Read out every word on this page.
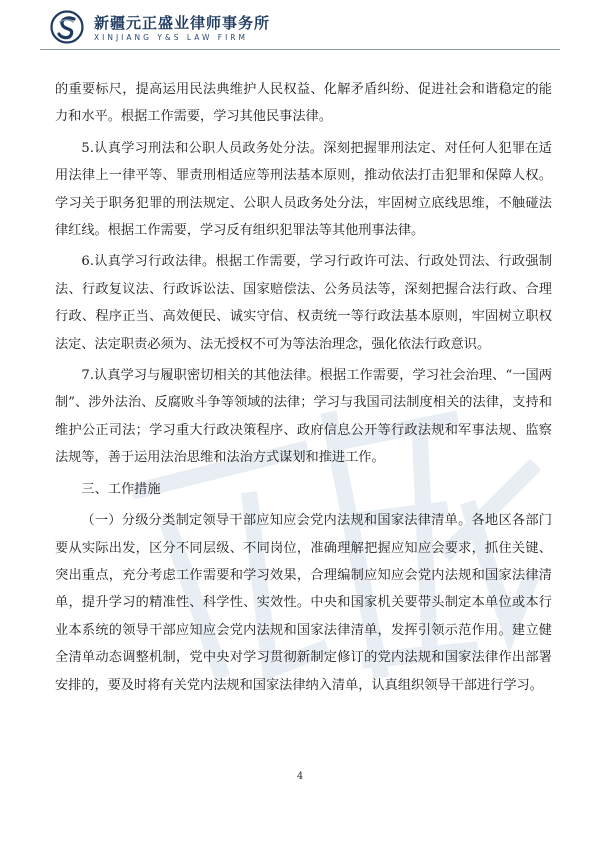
新疆元正盛业律师事务所
XINJIANG Y&S LAW FIRM

的重要标尺，提高运用民法典维护人民权益、化解矛盾纠纷、促进社会和谐稳定的能力和水平。根据工作需要，学习其他民事法律。

5.认真学习刑法和公职人员政务处分法。深刻把握罪刑法定、对任何人犯罪在适用法律上一律平等、罪责刑相适应等刑法基本原则，推动依法打击犯罪和保障人权。学习关于职务犯罪的刑法规定、公职人员政务处分法，牢固树立底线思维，不触碰法律红线。根据工作需要，学习反有组织犯罪法等其他刑事法律。

6.认真学习行政法律。根据工作需要，学习行政许可法、行政处罚法、行政强制法、行政复议法、行政诉讼法、国家赔偿法、公务员法等，深刻把握合法行政、合理行政、程序正当、高效便民、诚实守信、权责统一等行政法基本原则，牢固树立职权法定、法定职责必须为、法无授权不可为等法治理念，强化依法行政意识。

7.认真学习与履职密切相关的其他法律。根据工作需要，学习社会治理、“一国两制”、涉外法治、反腐败斗争等领域的法律；学习与我国司法制度相关的法律，支持和维护公正司法；学习重大行政决策程序、政府信息公开等行政法规和军事法规、监察法规等，善于运用法治思维和法治方式谋划和推进工作。

三、工作措施

（一）分级分类制定领导干部应知应会党内法规和国家法律清单。各地区各部门要从实际出发，区分不同层级、不同岗位，准确理解把握应知应会要求，抓住关键、突出重点，充分考虑工作需要和学习效果，合理编制应知应会党内法规和国家法律清单，提升学习的精准性、科学性、实效性。中央和国家机关要带头制定本单位或本行业本系统的领导干部应知应会党内法规和国家法律清单，发挥引领示范作用。建立健全清单动态调整机制，党中央对学习贯彻新制定修订的党内法规和国家法律作出部署安排的，要及时将有关党内法规和国家法律纳入清单，认真组织领导干部进行学习。

4
